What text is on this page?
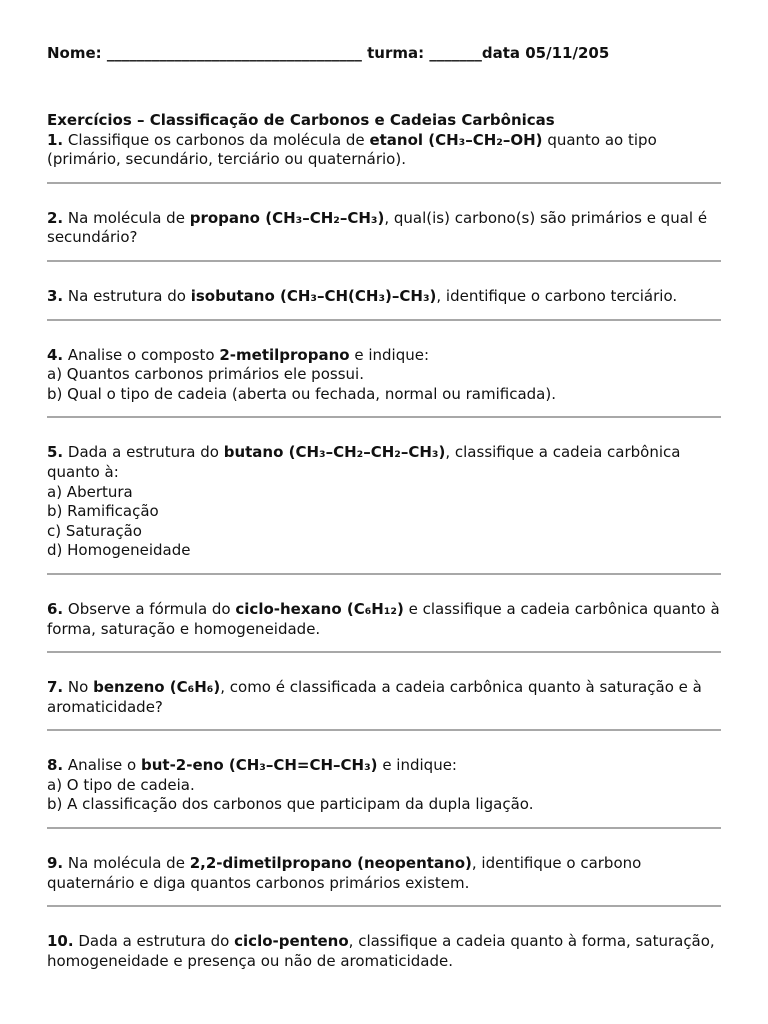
Nome: __________________________________ turma: _______data 05/11/205
Exercícios – Classificação de Carbonos e Cadeias Carbônicas

1. Classifique os carbonos da molécula de etanol (CH₃–CH₂–OH) quanto ao tipo (primário, secundário, terciário ou quaternário).

2. Na molécula de propano (CH₃–CH₂–CH₃), qual(is) carbono(s) são primários e qual é secundário?

3. Na estrutura do isobutano (CH₃–CH(CH₃)–CH₃), identifique o carbono terciário.

4. Analise o composto 2-metilpropano e indique:

a) Quantos carbonos primários ele possui.
b) Qual o tipo de cadeia (aberta ou fechada, normal ou ramificada).

5. Dada a estrutura do butano (CH₃–CH₂–CH₂–CH₃), classifique a cadeia carbônica quanto à:

a) Abertura
b) Ramificação
c) Saturação
d) Homogeneidade

6. Observe a fórmula do ciclo-hexano (C₆H₁₂) e classifique a cadeia carbônica quanto à forma, saturação e homogeneidade.

7. No benzeno (C₆H₆), como é classificada a cadeia carbônica quanto à saturação e à aromaticidade?

8. Analise o but-2-eno (CH₃–CH=CH–CH₃) e indique:

a) O tipo de cadeia.
b) A classificação dos carbonos que participam da dupla ligação.

9. Na molécula de 2,2-dimetilpropano (neopentano), identifique o carbono quaternário e diga quantos carbonos primários existem.

10. Dada a estrutura do ciclo-penteno, classifique a cadeia quanto à forma, saturação, homogeneidade e presença ou não de aromaticidade.
